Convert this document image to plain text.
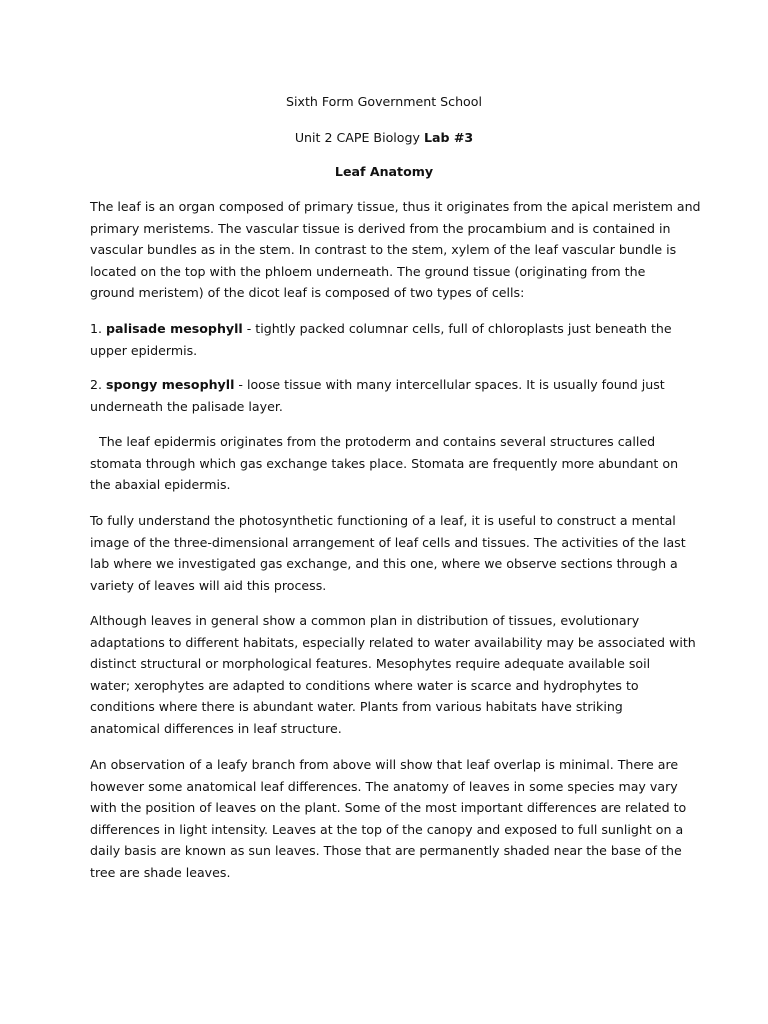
Sixth Form Government School
Unit 2 CAPE Biology Lab #3
Leaf Anatomy
The leaf is an organ composed of primary tissue, thus it originates from the apical meristem and
primary meristems. The vascular tissue is derived from the procambium and is contained in
vascular bundles as in the stem. In contrast to the stem, xylem of the leaf vascular bundle is
located on the top with the phloem underneath. The ground tissue (originating from the
ground meristem) of the dicot leaf is composed of two types of cells:
1. palisade mesophyll - tightly packed columnar cells, full of chloroplasts just beneath the
upper epidermis.
2. spongy mesophyll - loose tissue with many intercellular spaces. It is usually found just
underneath the palisade layer.
The leaf epidermis originates from the protoderm and contains several structures called
stomata through which gas exchange takes place. Stomata are frequently more abundant on
the abaxial epidermis.
To fully understand the photosynthetic functioning of a leaf, it is useful to construct a mental
image of the three-dimensional arrangement of leaf cells and tissues. The activities of the last
lab where we investigated gas exchange, and this one, where we observe sections through a
variety of leaves will aid this process.
Although leaves in general show a common plan in distribution of tissues, evolutionary
adaptations to different habitats, especially related to water availability may be associated with
distinct structural or morphological features. Mesophytes require adequate available soil
water; xerophytes are adapted to conditions where water is scarce and hydrophytes to
conditions where there is abundant water. Plants from various habitats have striking
anatomical differences in leaf structure.
An observation of a leafy branch from above will show that leaf overlap is minimal. There are
however some anatomical leaf differences. The anatomy of leaves in some species may vary
with the position of leaves on the plant. Some of the most important differences are related to
differences in light intensity. Leaves at the top of the canopy and exposed to full sunlight on a
daily basis are known as sun leaves. Those that are permanently shaded near the base of the
tree are shade leaves.
